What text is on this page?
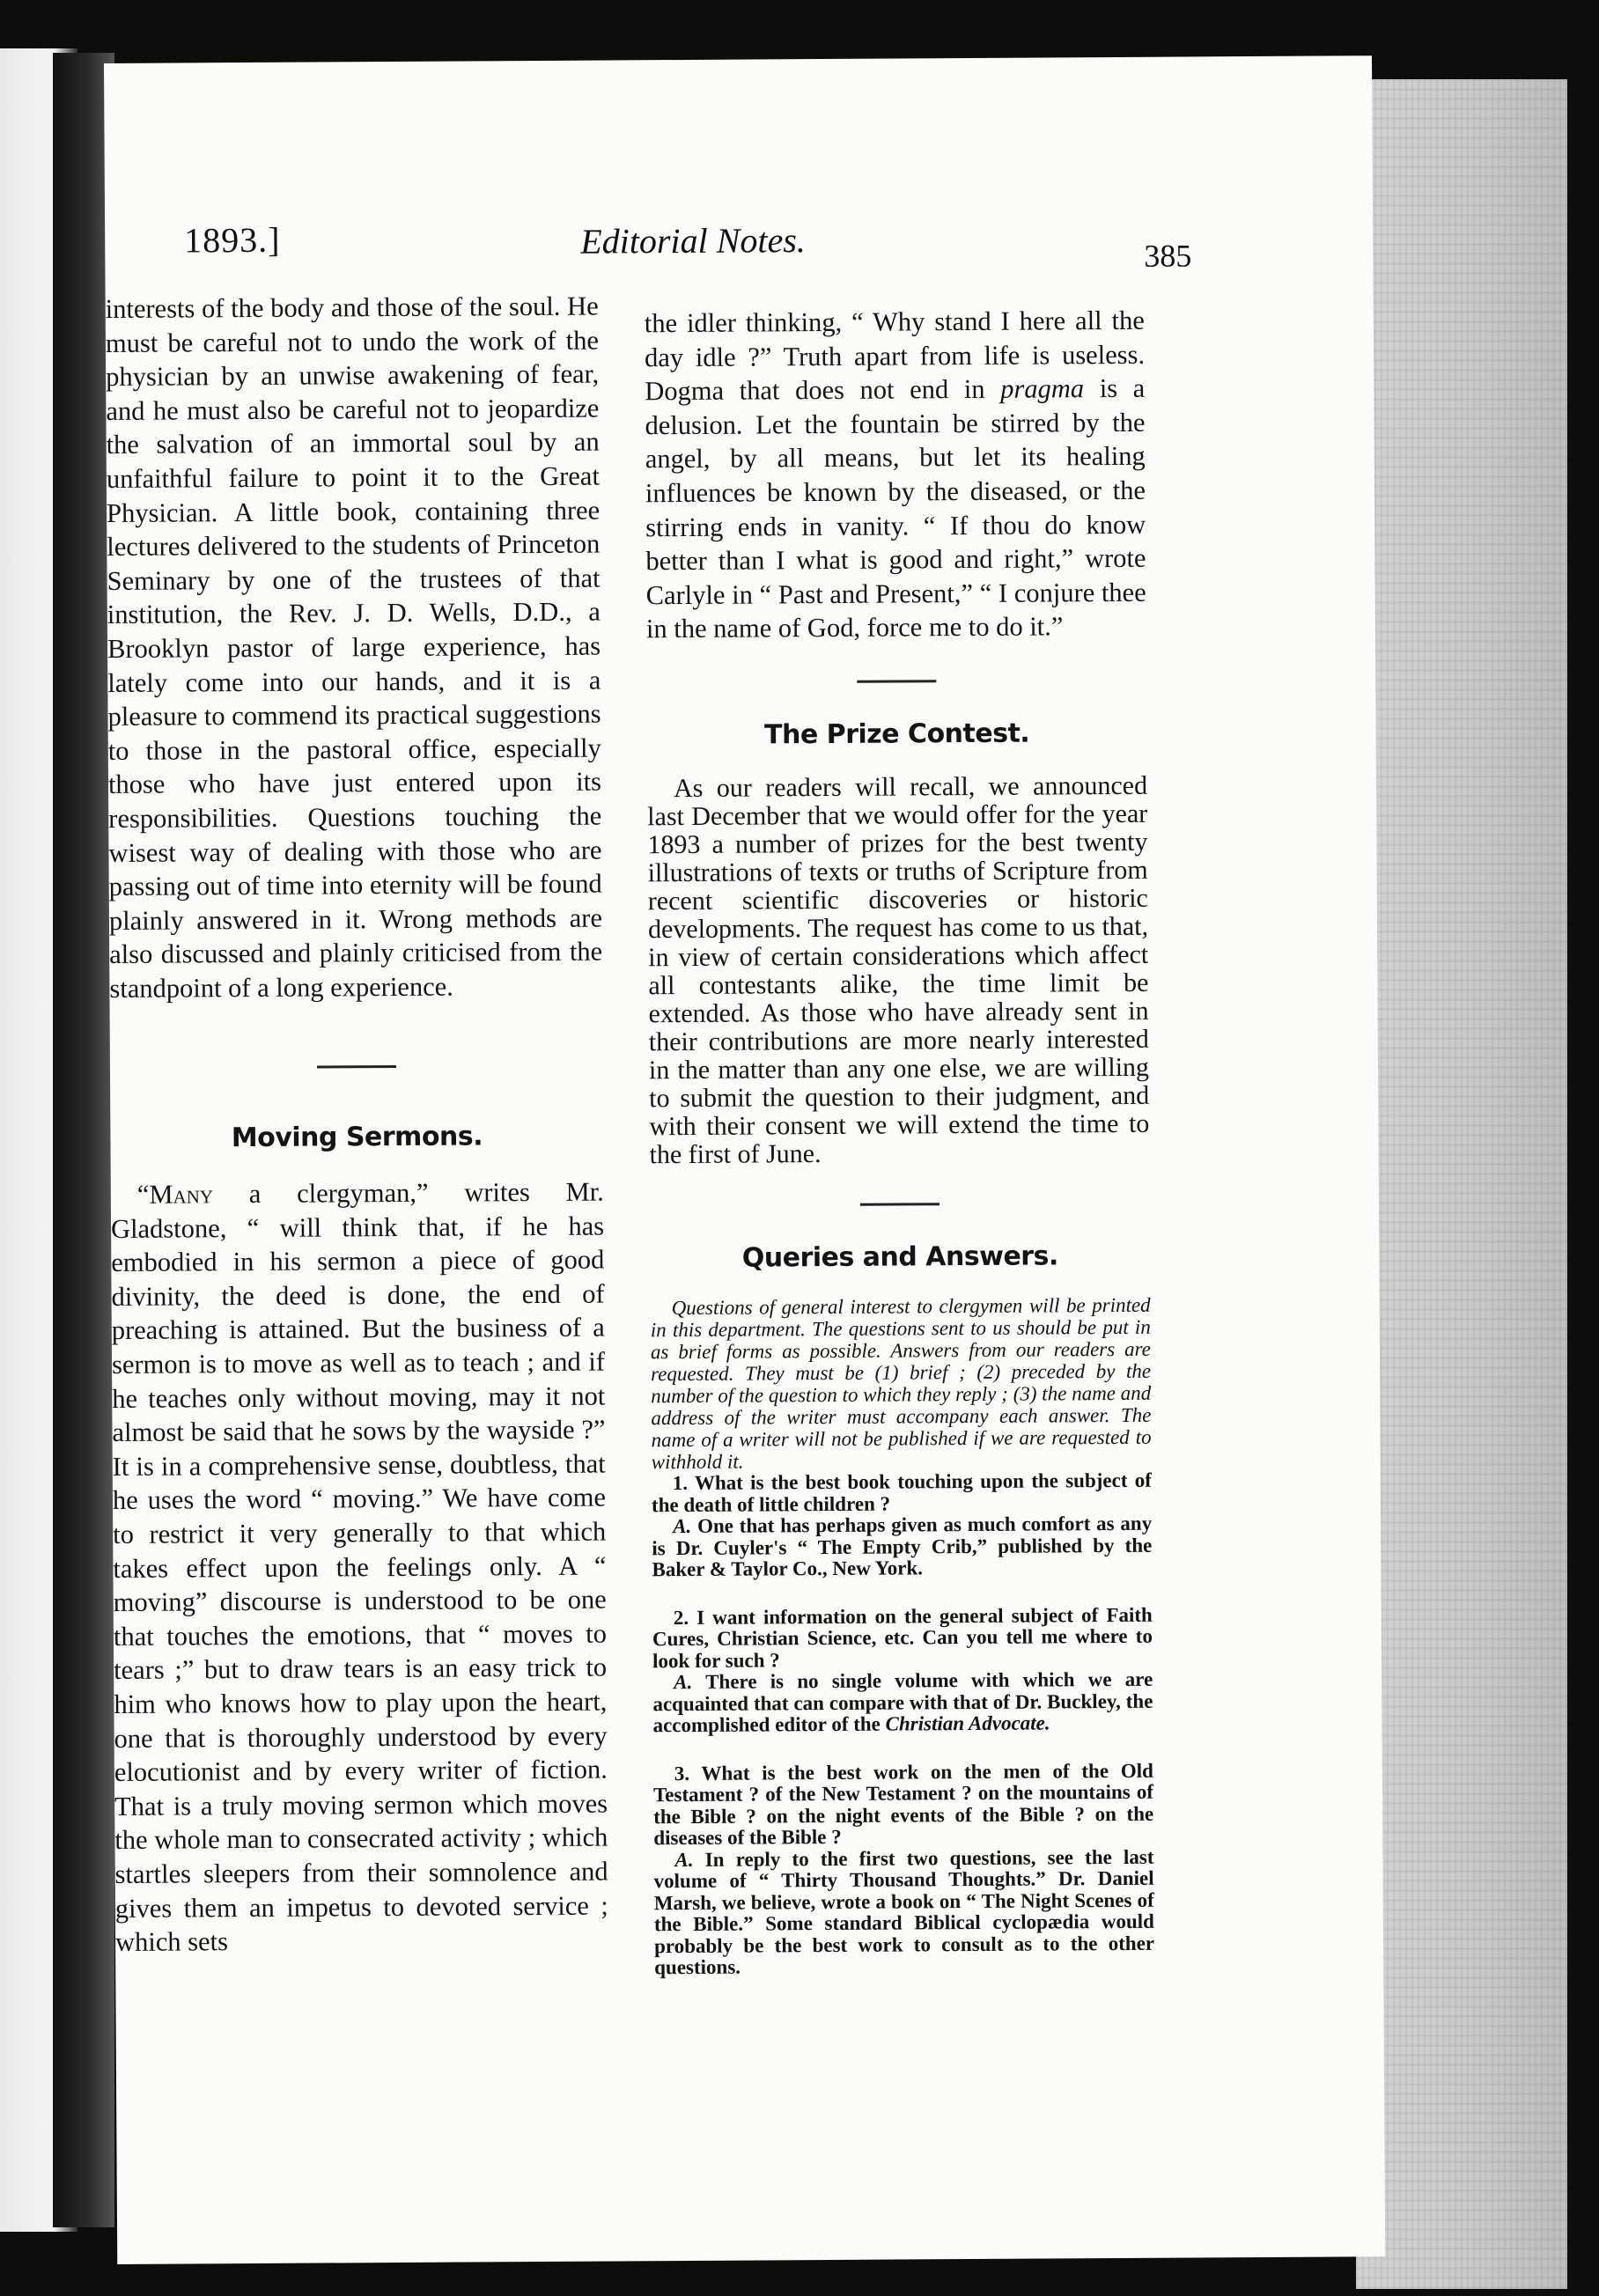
1893.]	Editorial Notes.	385

interests of the body and those of the soul. He must be careful not to undo the work of the physician by an unwise awakening of fear, and he must also be careful not to jeopardize the salvation of an immortal soul by an unfaithful failure to point it to the Great Physician. A little book, containing three lectures delivered to the students of Princeton Seminary by one of the trustees of that institution, the Rev. J. D. Wells, D.D., a Brooklyn pastor of large experience, has lately come into our hands, and it is a pleasure to commend its practical suggestions to those in the pastoral office, especially those who have just entered upon its responsibilities. Questions touching the wisest way of dealing with those who are passing out of time into eternity will be found plainly answered in it. Wrong methods are also discussed and plainly criticised from the standpoint of a long experience.

Moving Sermons.

“Many a clergyman,” writes Mr. Gladstone, “ will think that, if he has embodied in his sermon a piece of good divinity, the deed is done, the end of preaching is attained. But the business of a sermon is to move as well as to teach ; and if he teaches only without moving, may it not almost be said that he sows by the wayside ?” It is in a comprehensive sense, doubtless, that he uses the word “ moving.” We have come to restrict it very generally to that which takes effect upon the feelings only. A “ moving” discourse is understood to be one that touches the emotions, that “ moves to tears ;” but to draw tears is an easy trick to him who knows how to play upon the heart, one that is thoroughly understood by every elocutionist and by every writer of fiction. That is a truly moving sermon which moves the whole man to consecrated activity ; which startles sleepers from their somnolence and gives them an impetus to devoted service ; which sets

the idler thinking, “ Why stand I here all the day idle ?” Truth apart from life is useless. Dogma that does not end in pragma is a delusion. Let the fountain be stirred by the angel, by all means, but let its healing influences be known by the diseased, or the stirring ends in vanity. “ If thou do know better than I what is good and right,” wrote Carlyle in “ Past and Present,” “ I conjure thee in the name of God, force me to do it.”

The Prize Contest.

As our readers will recall, we announced last December that we would offer for the year 1893 a number of prizes for the best twenty illustrations of texts or truths of Scripture from recent scientific discoveries or historic developments. The request has come to us that, in view of certain considerations which affect all contestants alike, the time limit be extended. As those who have already sent in their contributions are more nearly interested in the matter than any one else, we are willing to submit the question to their judgment, and with their consent we will extend the time to the first of June.

Queries and Answers.

Questions of general interest to clergymen will be printed in this department. The questions sent to us should be put in as brief forms as possible. Answers from our readers are requested. They must be (1) brief ; (2) preceded by the number of the question to which they reply ; (3) the name and address of the writer must accompany each answer. The name of a writer will not be published if we are requested to withhold it.

1. What is the best book touching upon the subject of the death of little children ?

A. One that has perhaps given as much comfort as any is Dr. Cuyler's “ The Empty Crib,” published by the Baker & Taylor Co., New York.

2. I want information on the general subject of Faith Cures, Christian Science, etc. Can you tell me where to look for such ?

A. There is no single volume with which we are acquainted that can compare with that of Dr. Buckley, the accomplished editor of the Christian Advocate.

3. What is the best work on the men of the Old Testament ? of the New Testament ? on the mountains of the Bible ? on the night events of the Bible ? on the diseases of the Bible ?

A. In reply to the first two questions, see the last volume of “ Thirty Thousand Thoughts.” Dr. Daniel Marsh, we believe, wrote a book on “ The Night Scenes of the Bible.” Some standard Biblical cyclopædia would probably be the best work to consult as to the other questions.
